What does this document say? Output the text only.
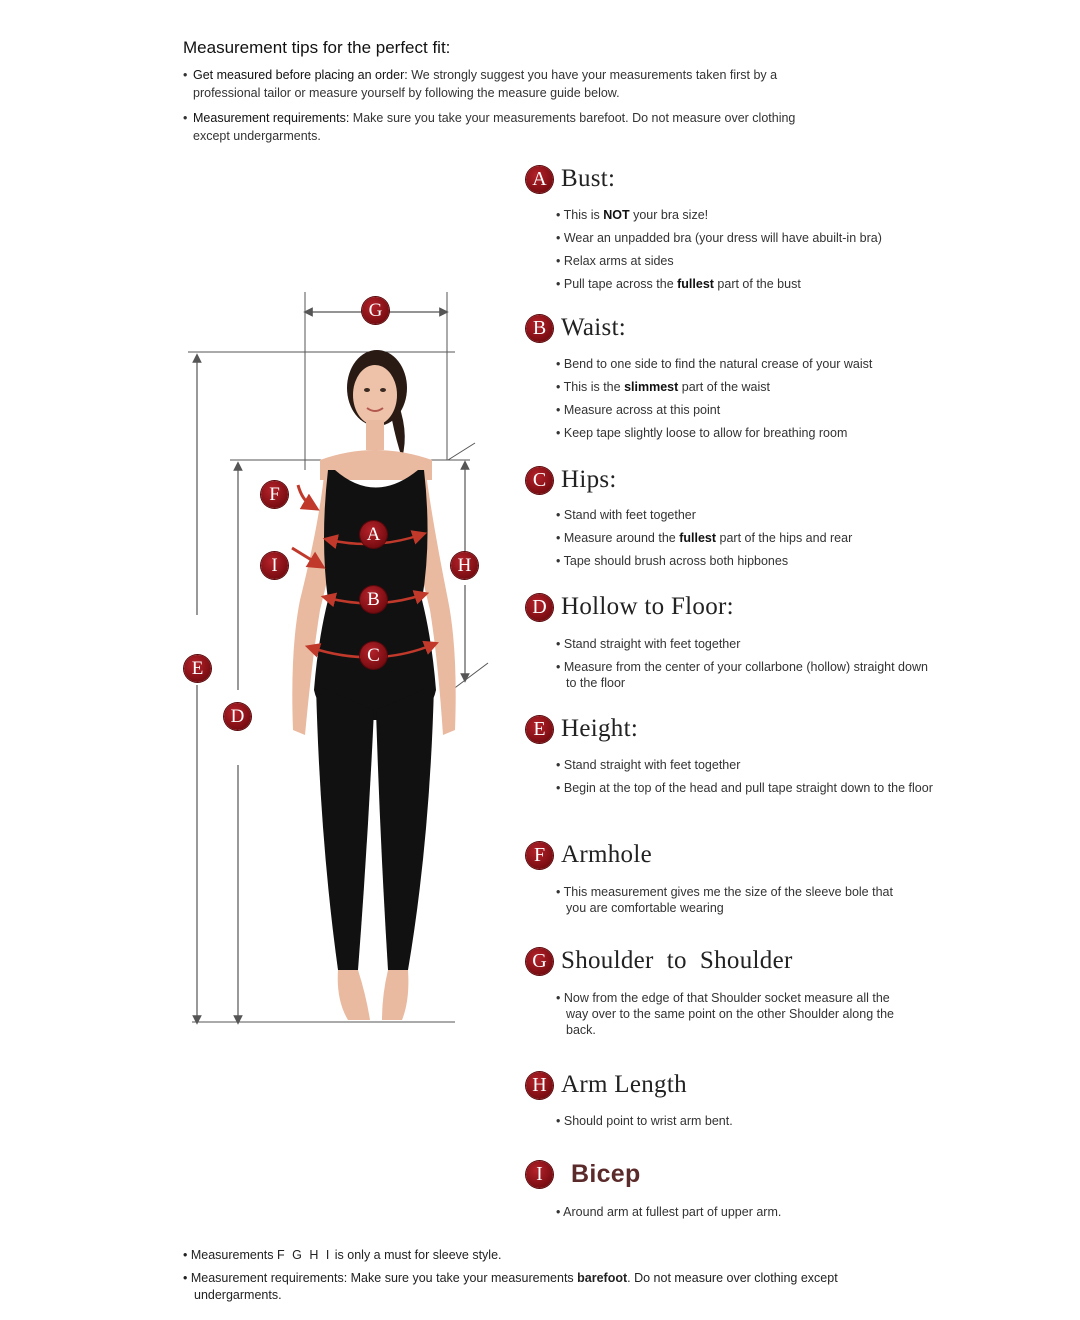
Measurement tips for the perfect fit:
• Get measured before placing an order: We strongly suggest you have your measurements taken first by a
professional tailor or measure yourself by following the measure guide below.
• Measurement requirements: Make sure you take your measurements barefoot. Do not measure over clothing
except undergarments.
G
A
B
C
F
I	H
E
D
A Bust:
• This is NOT your bra size!
• Wear an unpadded bra (your dress will have abuilt-in bra)
• Relax arms at sides
• Pull tape across the fullest part of the bust
B Waist:
• Bend to one side to find the natural crease of your waist
• This is the slimmest part of the waist
• Measure across at this point
• Keep tape slightly loose to allow for breathing room
C Hips:
• Stand with feet together
• Measure around the fullest part of the hips and rear
• Tape should brush across both hipbones
D Hollow to Floor:
• Stand straight with feet together
• Measure from the center of your collarbone (hollow) straight down to the floor
E Height:
• Stand straight with feet together
• Begin at the top of the head and pull tape straight down to the floor
F Armhole
• This measurement gives me the size of the sleeve bole that you are comfortable wearing
G Shoulder  to  Shoulder
• Now from the edge of that Shoulder socket measure all the way over to the same point on the other Shoulder along the back.
H Arm Length
• Should point to wrist arm bent.
I	Bicep
• Around arm at fullest part of upper arm.
• Measurements F G H I is only a must for sleeve style.
• Measurement requirements: Make sure you take your measurements barefoot. Do not measure over clothing except
undergarments.
